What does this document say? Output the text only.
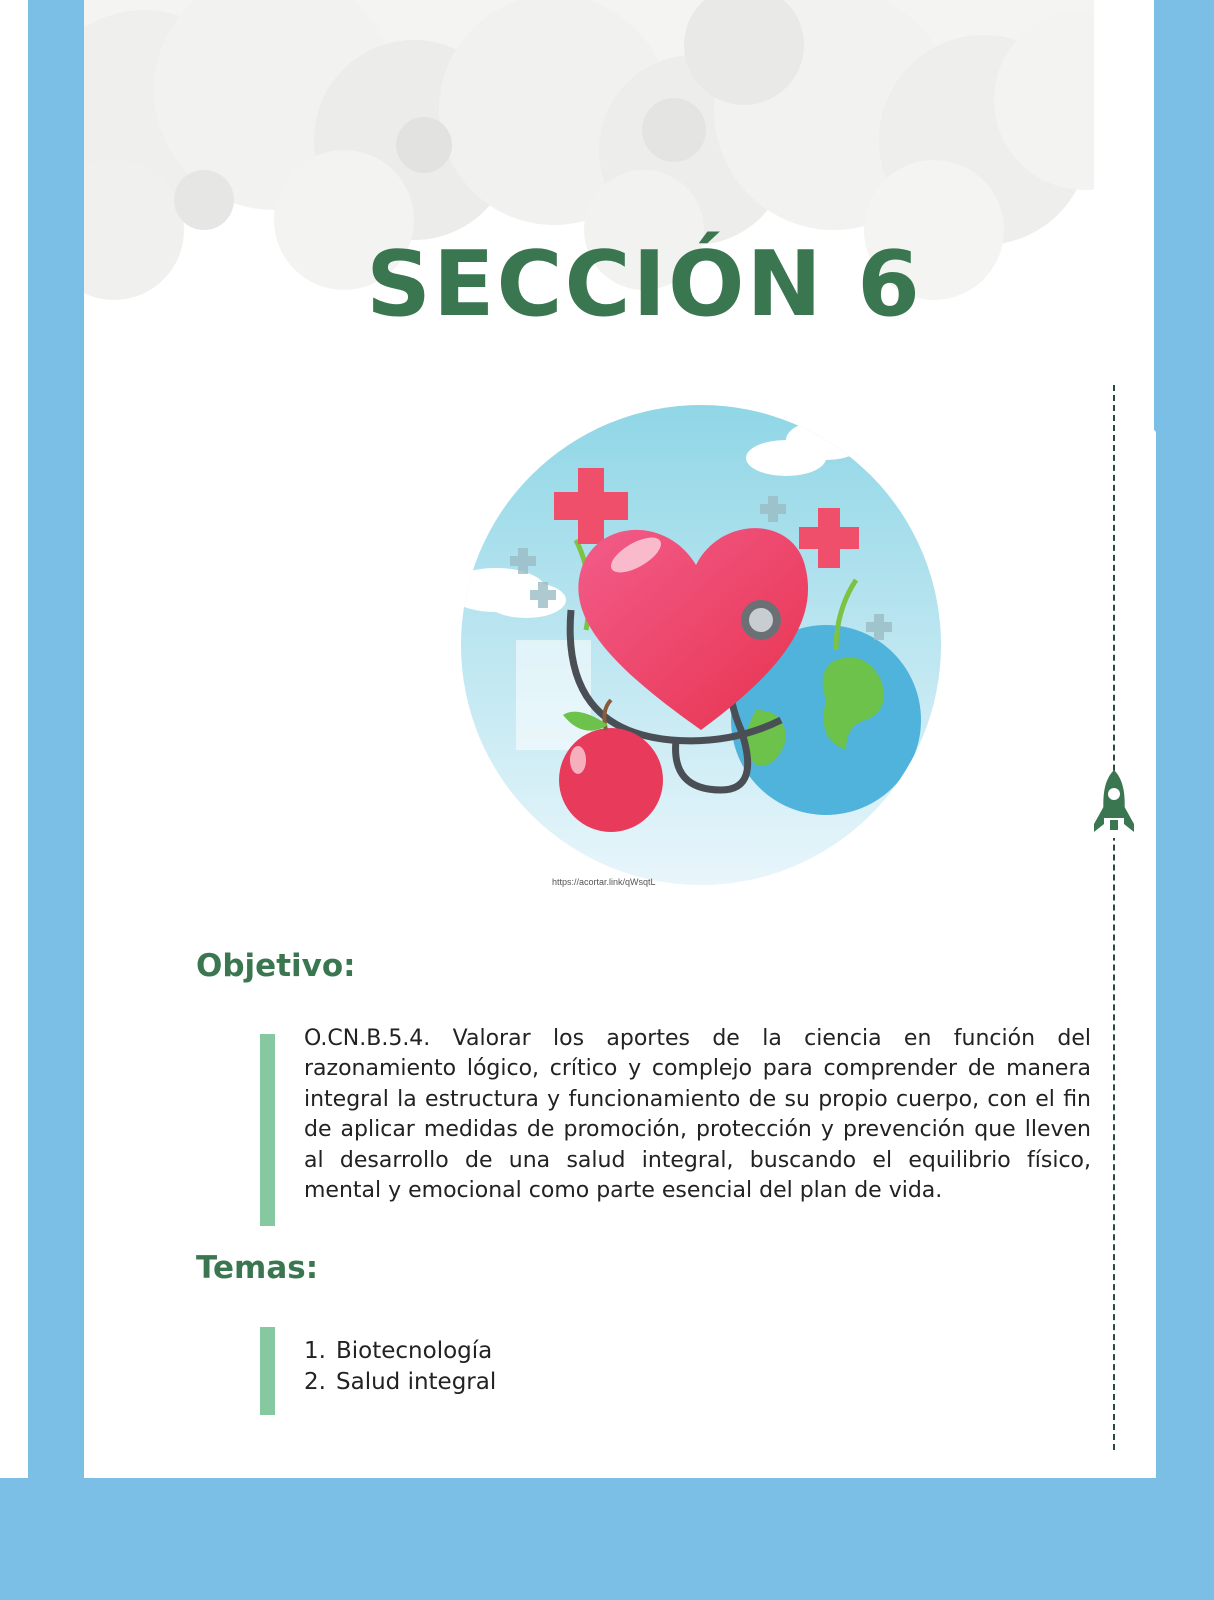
SECCIÓN 6
https://acortar.link/qWsqtL
Objetivo:

O.CN.B.5.4. Valorar los aportes de la ciencia en función del razonamiento lógico, crítico y complejo para comprender de manera integral la estructura y funcionamiento de su propio cuerpo, con el fin de aplicar medidas de promoción, protección y prevención que lleven al desarrollo de una salud integral, buscando el equilibrio físico, mental y emocional como parte esencial del plan de vida.

Temas:
1. Biotecnología
2. Salud integral
